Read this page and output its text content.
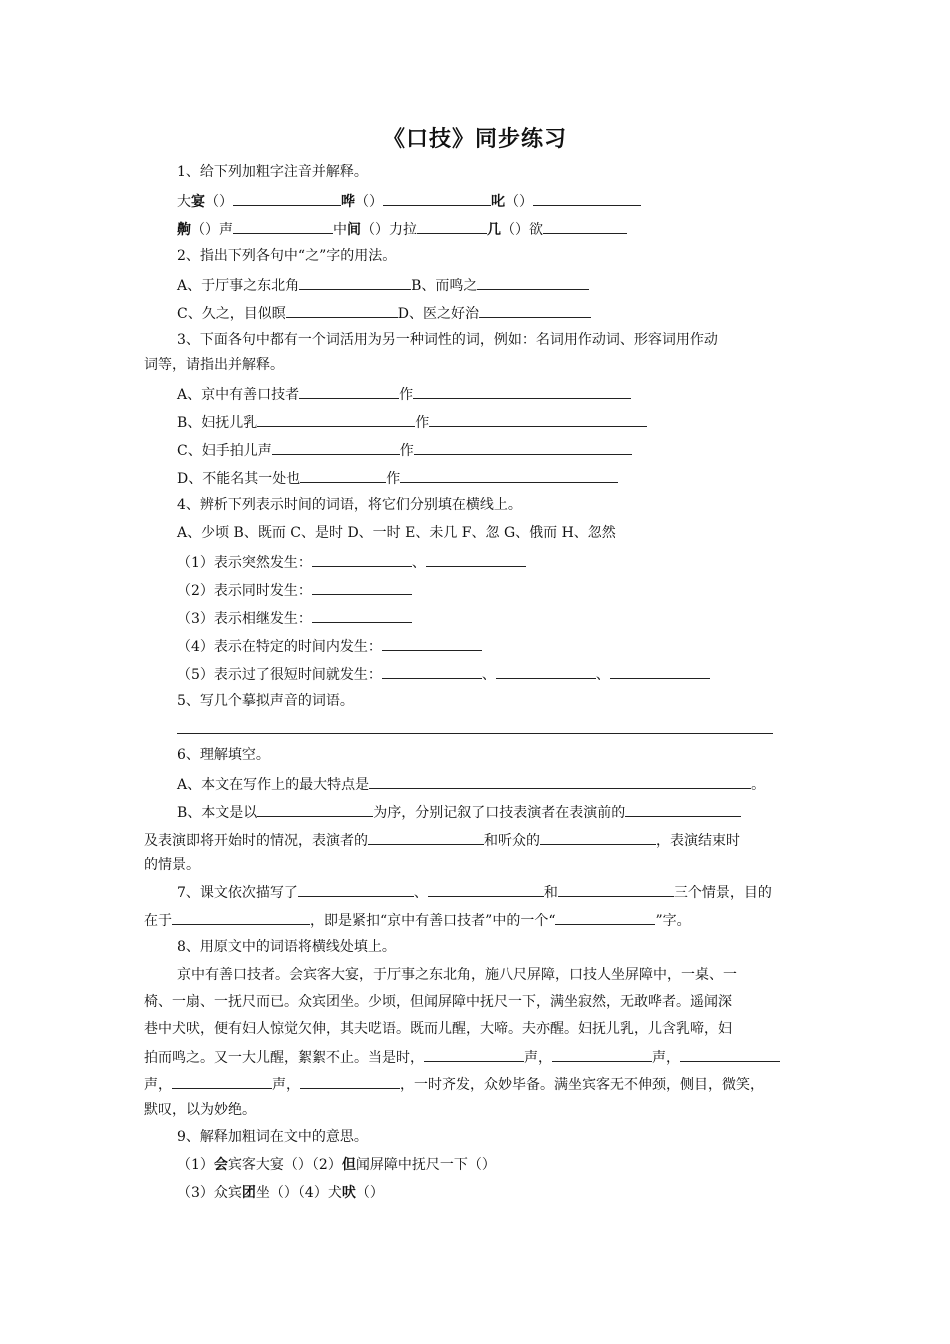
《口技》同步练习
1、给下列加粗字注音并解释。
大宴（）	哗（）	叱（）
齁（）声	中间（）力拉	几（）欲
2、指出下列各句中“之”字的用法。
A、于厅事之东北角	B、而鸣之
C、久之，目似瞑	D、医之好治
3、下面各句中都有一个词活用为另一种词性的词，例如：名词用作动词、形容词用作动
词等，请指出并解释。
A、京中有善口技者	作
B、妇抚儿乳	作
C、妇手拍儿声	作
D、不能名其一处也	作
4、辨析下列表示时间的词语，将它们分别填在横线上。
A、少顷 B、既而 C、是时 D、一时 E、未几 F、忽 G、俄而 H、忽然
（1）表示突然发生：	、
（2）表示同时发生：
（3）表示相继发生：
（4）表示在特定的时间内发生：
（5）表示过了很短时间就发生：	、	、
5、写几个摹拟声音的词语。
6、理解填空。
A、本文在写作上的最大特点是	。
B、本文是以	为序，分别记叙了口技表演者在表演前的
及表演即将开始时的情况，表演者的	和听众的	，表演结束时
的情景。
7、课文依次描写了	、	和	三个情景，目的
在于	，即是紧扣“京中有善口技者”中的一个“	”字。
8、用原文中的词语将横线处填上。
京中有善口技者。会宾客大宴，于厅事之东北角，施八尺屏障，口技人坐屏障中，一桌、一
椅、一扇、一抚尺而已。众宾团坐。少顷，但闻屏障中抚尺一下，满坐寂然，无敢哗者。遥闻深
巷中犬吠，便有妇人惊觉欠伸，其夫呓语。既而儿醒，大啼。夫亦醒。妇抚儿乳，儿含乳啼，妇
拍而鸣之。又一大儿醒，絮絮不止。当是时，	声，	声，
声，	声，	，一时齐发，众妙毕备。满坐宾客无不伸颈，侧目，微笑，
默叹，以为妙绝。
9、解释加粗词在文中的意思。
（1）会宾客大宴（）（2）但闻屏障中抚尺一下（）
（3）众宾团坐（）（4）犬吠（）
